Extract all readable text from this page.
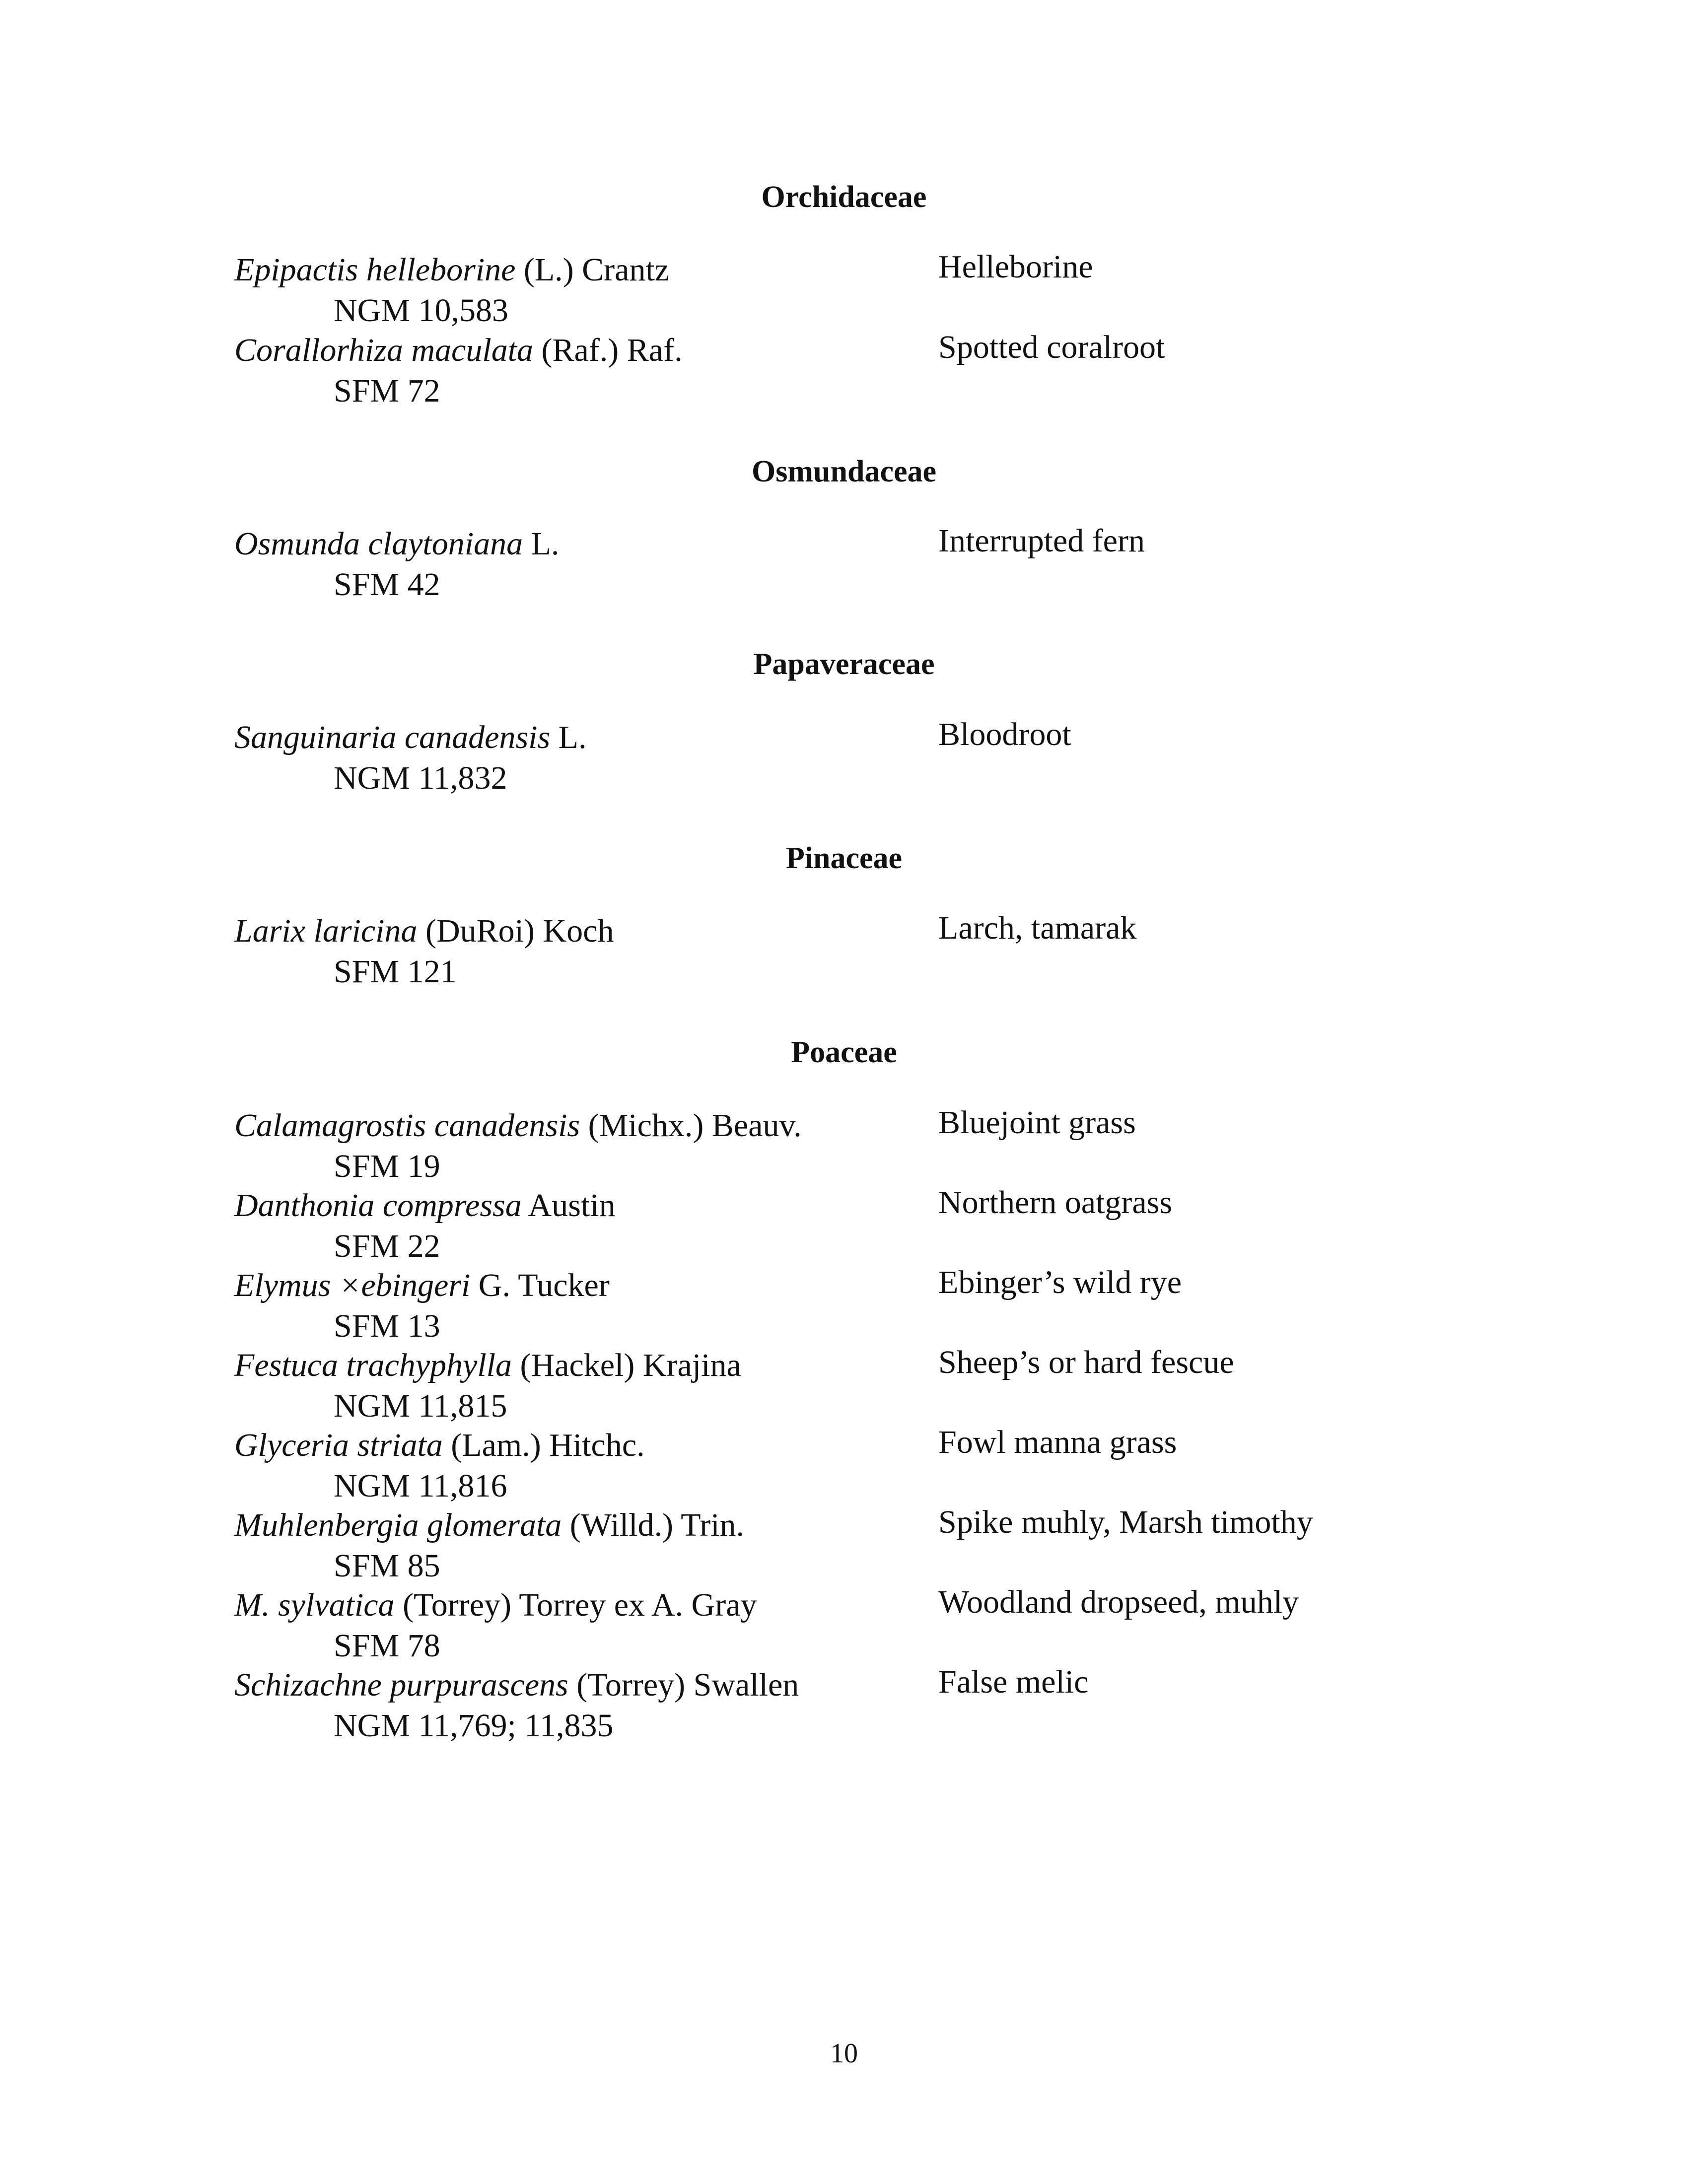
Orchidaceae
Epipactis helleborine (L.) Crantz
NGM 10,583
Helleborine
Corallorhiza maculata (Raf.) Raf.
SFM 72
Spotted coralroot
Osmundaceae
Osmunda claytoniana L.
SFM 42
Interrupted fern
Papaveraceae
Sanguinaria canadensis L.
NGM 11,832
Bloodroot
Pinaceae
Larix laricina (DuRoi) Koch
SFM 121
Larch, tamarak
Poaceae
Calamagrostis canadensis (Michx.) Beauv.
SFM 19
Bluejoint grass
Danthonia compressa Austin
SFM 22
Northern oatgrass
Elymus ×ebingeri G. Tucker
SFM 13
Ebinger’s wild rye
Festuca trachyphylla (Hackel) Krajina
NGM 11,815
Sheep’s or hard fescue
Glyceria striata (Lam.) Hitchc.
NGM 11,816
Fowl manna grass
Muhlenbergia glomerata (Willd.) Trin.
SFM 85
Spike muhly, Marsh timothy
M. sylvatica (Torrey) Torrey ex A. Gray
SFM 78
Woodland dropseed, muhly
Schizachne purpurascens (Torrey) Swallen
NGM 11,769; 11,835
False melic
10
